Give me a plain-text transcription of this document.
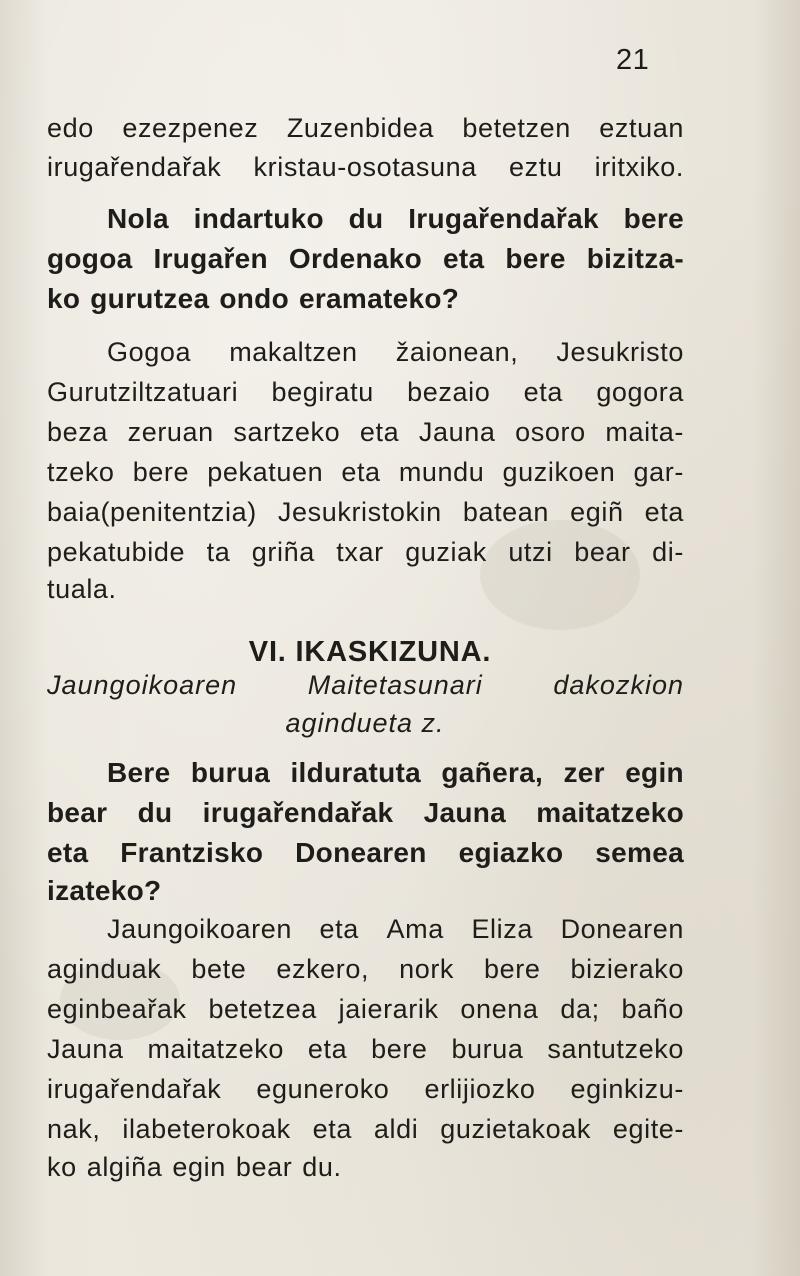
21
edo ezezpenez Zuzenbidea betetzen eztuan
irugařendařak kristau-osotasuna eztu iritxiko.
Nola indartuko du Irugařendařak bere
gogoa Irugařen Ordenako eta bere bizitza-
ko gurutzea ondo eramateko?
Gogoa makaltzen žaionean, Jesukristo
Gurutziltzatuari begiratu bezaio eta gogora
beza zeruan sartzeko eta Jauna osoro maita-
tzeko bere pekatuen eta mundu guzikoen gar-
baia(penitentzia) Jesukristokin batean egiñ eta
pekatubide ta griña txar guziak utzi bear di-
tuala.
Bere burua ilduratuta gañera, zer egin
bear du irugařendařak Jauna maitatzeko
eta Frantzisko Donearen egiazko semea
izateko?
Jaungoikoaren eta Ama Eliza Donearen
aginduak bete ezkero, nork bere bizierako
eginbeařak betetzea jaierarik onena da; baño
Jauna maitatzeko eta bere burua santutzeko
irugařendařak eguneroko erlijiozko eginkizu-
nak, ilabeterokoak eta aldi guzietakoak egite-
ko algiña egin bear du.
VI. IKASKIZUNA.
Jaungoikoaren	Maitetasunari	dakozkion
agindueta z.
